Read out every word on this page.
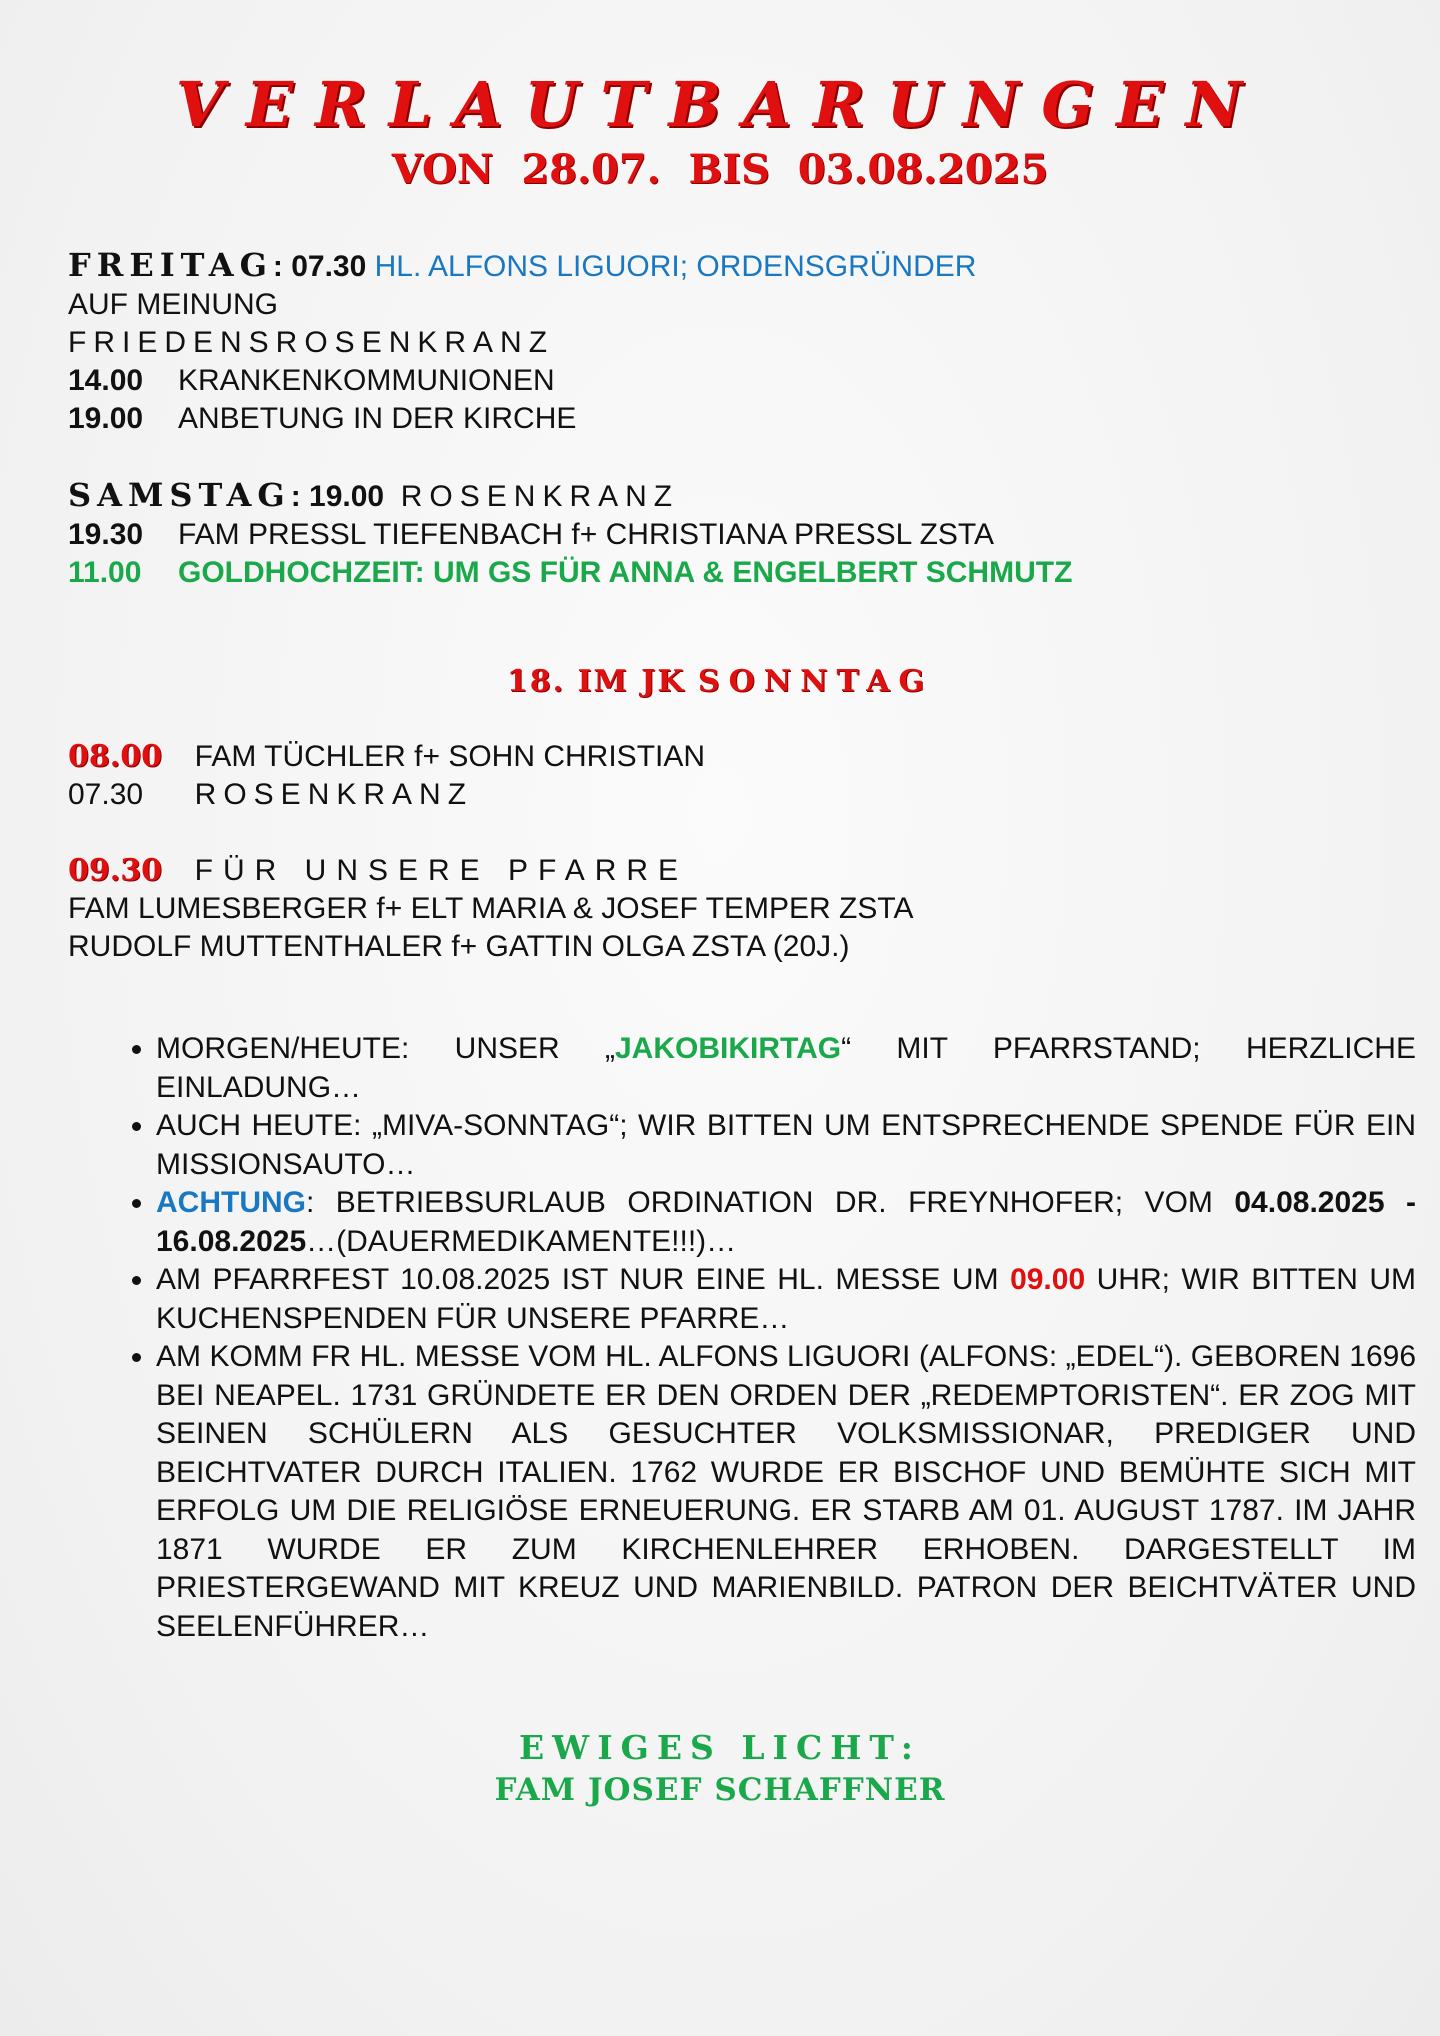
VERLAUTBARUNGEN
VON 28.07. BIS 03.08.2025
FREITAG: 07.30 HL. ALFONS LIGUORI; ORDENSGRÜNDER
AUF MEINUNG
FRIEDENSROSENKRANZ
14.00 KRANKENKOMMUNIONEN
19.00 ANBETUNG IN DER KIRCHE
SAMSTAG: 19.00 ROSENKRANZ
19.30 FAM PRESSL TIEFENBACH f+ CHRISTIANA PRESSL ZSTA
11.00 GOLDHOCHZEIT: UM GS FÜR ANNA & ENGELBERT SCHMUTZ
18. IM JK SONNTAG
08.00 FAM TÜCHLER f+ SOHN CHRISTIAN
07.30 ROSENKRANZ
09.30 FÜR UNSERE PFARRE
FAM LUMESBERGER f+ ELT MARIA & JOSEF TEMPER ZSTA
RUDOLF MUTTENTHALER f+ GATTIN OLGA ZSTA (20J.)
• MORGEN/HEUTE: UNSER „JAKOBIKIRTAG“ MIT PFARRSTAND; HERZLICHE EINLADUNG…
• AUCH HEUTE: „MIVA-SONNTAG“; WIR BITTEN UM ENTSPRECHENDE SPENDE FÜR EIN MISSIONSAUTO…
• ACHTUNG: BETRIEBSURLAUB ORDINATION DR. FREYNHOFER; VOM 04.08.2025 - 16.08.2025…(DAUERMEDIKAMENTE!!!)…
• AM PFARRFEST 10.08.2025 IST NUR EINE HL. MESSE UM 09.00 UHR; WIR BITTEN UM KUCHENSPENDEN FÜR UNSERE PFARRE…
• AM KOMM FR HL. MESSE VOM HL. ALFONS LIGUORI (ALFONS: „EDEL“). GEBOREN 1696 BEI NEAPEL. 1731 GRÜNDETE ER DEN ORDEN DER „REDEMPTORISTEN“. ER ZOG MIT SEINEN SCHÜLERN ALS GESUCHTER VOLKSMISSIONAR, PREDIGER UND BEICHTVATER DURCH ITALIEN. 1762 WURDE ER BISCHOF UND BEMÜHTE SICH MIT ERFOLG UM DIE RELIGIÖSE ERNEUERUNG. ER STARB AM 01. AUGUST 1787. IM JAHR 1871 WURDE ER ZUM KIRCHENLEHRER ERHOBEN. DARGESTELLT IM PRIESTERGEWAND MIT KREUZ UND MARIENBILD. PATRON DER BEICHTVÄTER UND SEELENFÜHRER…
EWIGES LICHT:
FAM JOSEF SCHAFFNER
